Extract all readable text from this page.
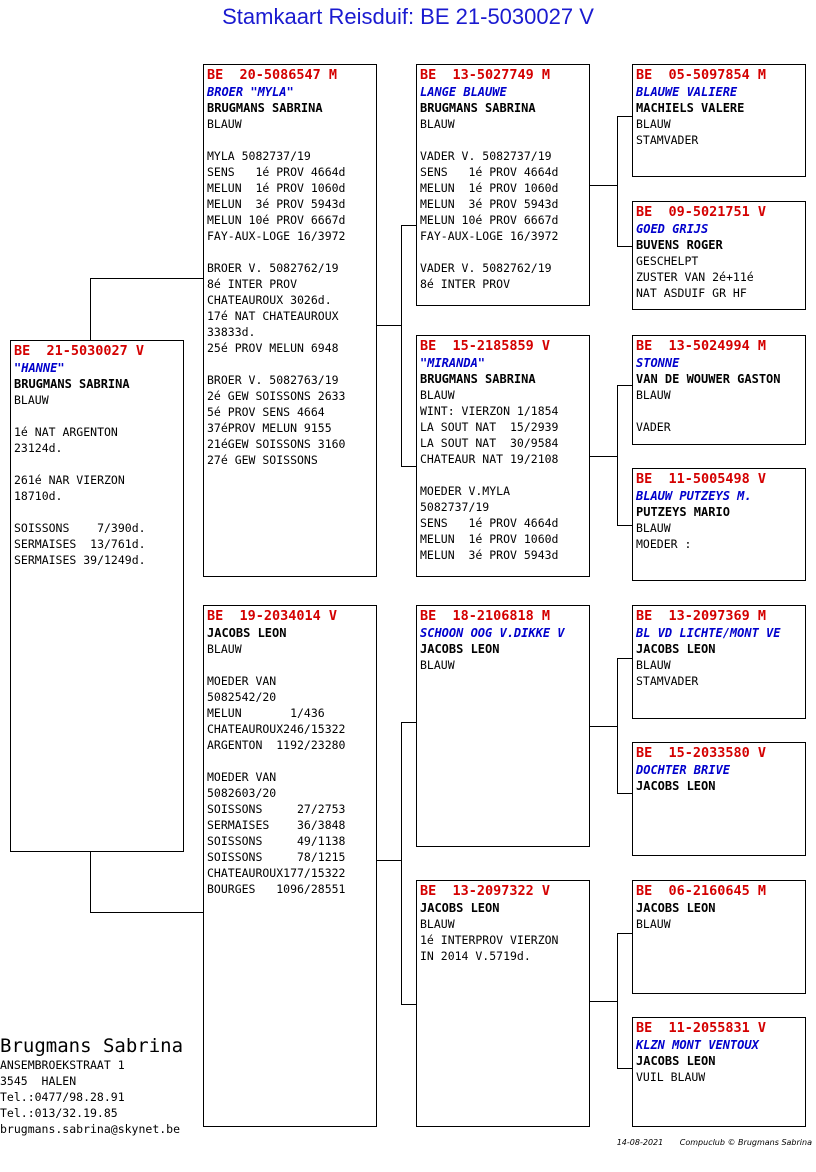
Stamkaart Reisduif: BE 21-5030027 V
BE  21-5030027 V
"HANNE"
BRUGMANS SABRINA
BLAUW

1é NAT ARGENTON
23124d.

261é NAR VIERZON
18710d.

SOISSONS    7/390d.
SERMAISES  13/761d.
SERMAISES 39/1249d.
BE  20-5086547 M
BROER "MYLA"
BRUGMANS SABRINA
BLAUW

MYLA 5082737/19
SENS   1é PROV 4664d
MELUN  1é PROV 1060d
MELUN  3é PROV 5943d
MELUN 10é PROV 6667d
FAY-AUX-LOGE 16/3972

BROER V. 5082762/19
8é INTER PROV
CHATEAUROUX 3026d.
17é NAT CHATEAUROUX
33833d.
25é PROV MELUN 6948

BROER V. 5082763/19
2é GEW SOISSONS 2633
5é PROV SENS 4664
37éPROV MELUN 9155
21éGEW SOISSONS 3160
27é GEW SOISSONS
BE  19-2034014 V
JACOBS LEON
BLAUW

MOEDER VAN
5082542/20
MELUN       1/436
CHATEAUROUX246/15322
ARGENTON  1192/23280

MOEDER VAN
5082603/20
SOISSONS     27/2753
SERMAISES    36/3848
SOISSONS     49/1138
SOISSONS     78/1215
CHATEAUROUX177/15322
BOURGES   1096/28551
BE  13-5027749 M
LANGE BLAUWE
BRUGMANS SABRINA
BLAUW

VADER V. 5082737/19
SENS   1é PROV 4664d
MELUN  1é PROV 1060d
MELUN  3é PROV 5943d
MELUN 10é PROV 6667d
FAY-AUX-LOGE 16/3972

VADER V. 5082762/19
8é INTER PROV
BE  15-2185859 V
"MIRANDA"
BRUGMANS SABRINA
BLAUW
WINT: VIERZON 1/1854
LA SOUT NAT  15/2939
LA SOUT NAT  30/9584
CHATEAUR NAT 19/2108

MOEDER V.MYLA
5082737/19
SENS   1é PROV 4664d
MELUN  1é PROV 1060d
MELUN  3é PROV 5943d
BE  18-2106818 M
SCHOON OOG V.DIKKE V
JACOBS LEON
BLAUW
BE  13-2097322 V
JACOBS LEON
BLAUW
1é INTERPROV VIERZON
IN 2014 V.5719d.
BE  05-5097854 M
BLAUWE VALIERE
MACHIELS VALERE
BLAUW
STAMVADER
BE  09-5021751 V
GOED GRIJS
BUVENS ROGER
GESCHELPT
ZUSTER VAN 2é+11é
NAT ASDUIF GR HF
BE  13-5024994 M
STONNE
VAN DE WOUWER GASTON
BLAUW

VADER
BE  11-5005498 V
BLAUW PUTZEYS M.
PUTZEYS MARIO
BLAUW
MOEDER :
BE  13-2097369 M
BL VD LICHTE/MONT VE
JACOBS LEON
BLAUW
STAMVADER
BE  15-2033580 V
DOCHTER BRIVE
JACOBS LEON
BE  06-2160645 M
JACOBS LEON
BLAUW
BE  11-2055831 V
KLZN MONT VENTOUX
JACOBS LEON
VUIL BLAUW
Brugmans Sabrina
ANSEMBROEKSTRAAT 1
3545  HALEN
Tel.:0477/98.28.91
Tel.:013/32.19.85
brugmans.sabrina@skynet.be
14-08-2021 Compuclub © Brugmans Sabrina
